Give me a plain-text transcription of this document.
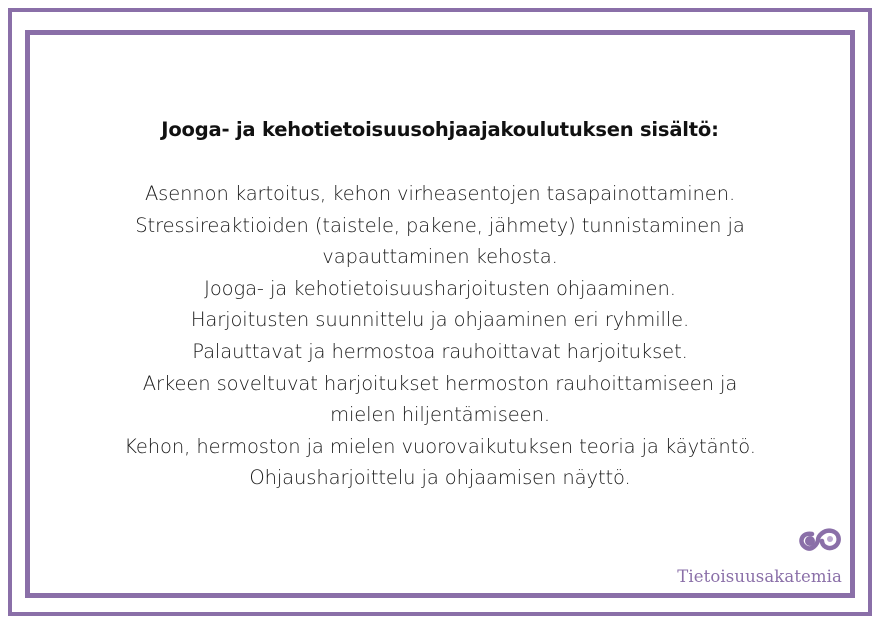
Jooga- ja kehotietoisuusohjaajakoulutuksen sisältö:
Asennon kartoitus, kehon virheasentojen tasapainottaminen.
Stressireaktioiden (taistele, pakene, jähmety) tunnistaminen ja
vapauttaminen kehosta.
Jooga- ja kehotietoisuusharjoitusten ohjaaminen.
Harjoitusten suunnittelu ja ohjaaminen eri ryhmille.
Palauttavat ja hermostoa rauhoittavat harjoitukset.
Arkeen soveltuvat harjoitukset hermoston rauhoittamiseen ja
mielen hiljentämiseen.
Kehon, hermoston ja mielen vuorovaikutuksen teoria ja käytäntö.
Ohjausharjoittelu ja ohjaamisen näyttö.
Tietoisuusakatemia
